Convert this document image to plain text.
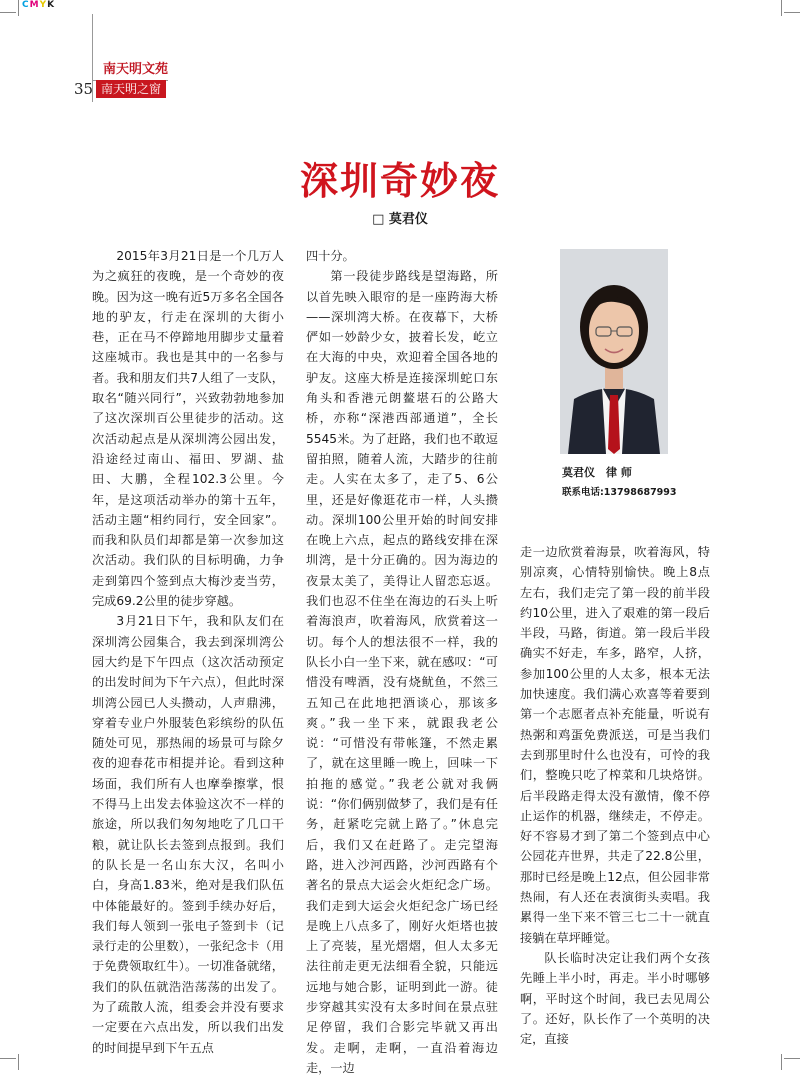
CMYK
南天明文苑
35 南天明之窗
深圳奇妙夜
□ 莫君仪

2015年3月21日是一个几万人为之疯狂的夜晚，是一个奇妙的夜晚。因为这一晚有近5万多名全国各地的驴友，行走在深圳的大街小巷，正在马不停蹄地用脚步丈量着这座城市。我也是其中的一名参与者。我和朋友们共7人组了一支队，取名“随兴同行”，兴致勃勃地参加了这次深圳百公里徒步的活动。这次活动起点是从深圳湾公园出发，沿途经过南山、福田、罗湖、盐田、大鹏，全程102.3公里。今年，是这项活动举办的第十五年，活动主题“相约同行，安全回家”。而我和队员们却都是第一次参加这次活动。我们队的目标明确，力争走到第四个签到点大梅沙麦当劳，完成69.2公里的徒步穿越。

3月21日下午，我和队友们在深圳湾公园集合，我去到深圳湾公园大约是下午四点（这次活动预定的出发时间为下午六点），但此时深圳湾公园已人头攒动，人声鼎沸，穿着专业户外服装色彩缤纷的队伍随处可见，那热闹的场景可与除夕夜的迎春花市相提并论。看到这种场面，我们所有人也摩拳擦掌，恨不得马上出发去体验这次不一样的旅途，所以我们匆匆地吃了几口干粮，就让队长去签到点报到。我们的队长是一名山东大汉，名叫小白，身高1.83米，绝对是我们队伍中体能最好的。签到手续办好后，我们每人领到一张电子签到卡（记录行走的公里数），一张纪念卡（用于免费领取红牛）。一切准备就绪，我们的队伍就浩浩荡荡的出发了。为了疏散人流，组委会并没有要求一定要在六点出发，所以我们出发的时间提早到下午五点

四十分。

第一段徒步路线是望海路，所以首先映入眼帘的是一座跨海大桥——深圳湾大桥。在夜幕下，大桥俨如一妙龄少女，披着长发，屹立在大海的中央，欢迎着全国各地的驴友。这座大桥是连接深圳蛇口东角头和香港元朗鳌堪石的公路大桥，亦称“深港西部通道”，全长5545米。为了赶路，我们也不敢逗留拍照，随着人流，大踏步的往前走。人实在太多了，走了5、6公里，还是好像逛花市一样，人头攒动。深圳100公里开始的时间安排在晚上六点，起点的路线安排在深圳湾，是十分正确的。因为海边的夜景太美了，美得让人留恋忘返。我们也忍不住坐在海边的石头上听着海浪声，吹着海风，欣赏着这一切。每个人的想法很不一样，我的队长小白一坐下来，就在感叹：“可惜没有啤酒，没有烧鱿鱼，不然三五知己在此地把酒谈心，那该多爽。”我一坐下来，就跟我老公说：“可惜没有带帐篷，不然走累了，就在这里睡一晚上，回味一下拍拖的感觉。”我老公就对我俩说：“你们俩别做梦了，我们是有任务，赶紧吃完就上路了。”休息完后，我们又在赶路了。走完望海路，进入沙河西路，沙河西路有个著名的景点大运会火炬纪念广场。我们走到大运会火炬纪念广场已经是晚上八点多了，刚好火炬塔也披上了亮装，星光熠熠，但人太多无法往前走更无法细看全貌，只能远远地与她合影，证明到此一游。徒步穿越其实没有太多时间在景点驻足停留，我们合影完毕就又再出发。走啊，走啊，一直沿着海边走，一边

莫君仪　律 师
联系电话:13798687993

走一边欣赏着海景，吹着海风，特别凉爽，心情特别愉快。晚上8点左右，我们走完了第一段的前半段约10公里，进入了艰难的第一段后半段，马路，街道。第一段后半段确实不好走，车多，路窄，人挤，参加100公里的人太多，根本无法加快速度。我们满心欢喜等着要到第一个志愿者点补充能量，听说有热粥和鸡蛋免费派送，可是当我们去到那里时什么也没有，可怜的我们，整晚只吃了榨菜和几块烙饼。后半段路走得太没有激情，像不停止运作的机器，继续走，不停走。好不容易才到了第二个签到点中心公园花卉世界，共走了22.8公里，那时已经是晚上12点，但公园非常热闹，有人还在表演街头卖唱。我累得一坐下来不管三七二十一就直接躺在草坪睡觉。

队长临时决定让我们两个女孩先睡上半小时，再走。半小时哪够啊，平时这个时间，我已去见周公了。还好，队长作了一个英明的决定，直接
